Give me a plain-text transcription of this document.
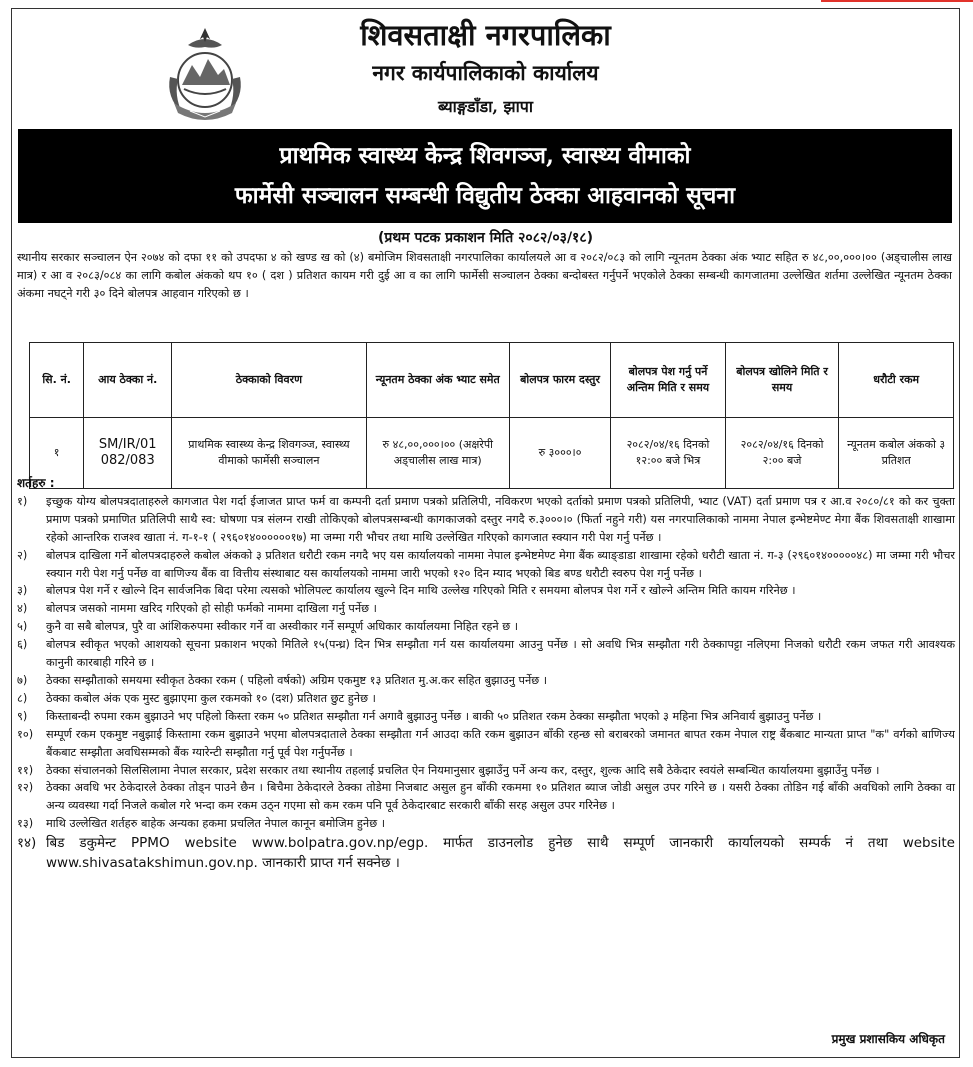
शिवसताक्षी नगरपालिका
नगर कार्यपालिकाको कार्यालय
ब्याङ्गडाँडा, झापा
प्राथमिक स्वास्थ्य केन्द्र शिवगञ्ज, स्वास्थ्य वीमाको
फार्मेसी सञ्चालन सम्बन्धी विद्युतीय ठेक्का आहवानको सूचना
(प्रथम पटक प्रकाशन मिति २०८२/०३/१८)
स्थानीय सरकार सञ्चालन ऐन २०७४ को दफा ११ को उपदफा ४ को खण्ड ख को (४) बमोजिम शिवसताक्षी नगरपालिका कार्यालयले आ व २०८२/०८३ को लागि न्यूनतम ठेक्का अंक भ्याट सहित रु ४८,००,०००।०० (अड्चालीस लाख मात्र) र आ व २०८३/०८४ का लागि कबोल अंकको थप १० ( दश ) प्रतिशत कायम गरी दुई आ व का लागि फार्मेसी सञ्चालन ठेक्का बन्दोबस्त गर्नुपर्ने भएकोले ठेक्का सम्बन्धी कागजातमा उल्लेखित शर्तमा उल्लेखित न्यूनतम ठेक्का अंकमा नघट्ने गरी ३० दिने बोलपत्र आहवान गरिएको छ ।
सि. नं.	आय ठेक्का नं.	ठेक्काको विवरण	न्यूनतम ठेक्का अंक भ्याट समेत	बोलपत्र फारम दस्तुर	बोलपत्र पेश गर्नु पर्ने अन्तिम मिति र समय	बोलपत्र खोलिने मिति र समय	धरौटी रकम
१	SM/IR/01 082/083	प्राथमिक स्वास्थ्य केन्द्र शिवगञ्ज, स्वास्थ्य वीमाको फार्मेसी सञ्चालन	रु ४८,००,०००।०० (अक्षरेपी अड्चालीस लाख मात्र)	रु ३०००।०	२०८२/०४/१६ दिनको १२:०० बजे भित्र	२०८२/०४/१६ दिनको २:०० बजे	न्यूनतम कबोल अंकको ३ प्रतिशत
शर्तहरु :
१) इच्छुक योग्य बोलपत्रदाताहरुले कागजात पेश गर्दा ईजाजत प्राप्त फर्म वा कम्पनी दर्ता प्रमाण पत्रको प्रतिलिपी, नविकरण भएको दर्ताको प्रमाण पत्रको प्रतिलिपी, भ्याट (VAT) दर्ता प्रमाण पत्र र आ.व २०८०/८१ को कर चुक्ता प्रमाण पत्रको प्रमाणित प्रतिलिपी साथै स्व: घोषणा पत्र संलग्न राखी तोकिएको बोलपत्रसम्बन्धी कागकाजको दस्तुर नगदै रु.३०००।० (फिर्ता नहुने गरी) यस नगरपालिकाको नाममा नेपाल इन्भेष्टमेण्ट मेगा बैंक शिवसताक्षी शाखामा रहेको आन्तरिक राजश्व खाता नं. ग-१-१ ( २९६०१४००००००१७) मा जम्मा गरी भौचर तथा माथि उल्लेखित गरिएको कागजात स्क्यान गरी पेश गर्नु पर्नेछ ।
२) बोलपत्र दाखिला गर्ने बोलपत्रदाहरुले कबोल अंकको ३ प्रतिशत धरौटी रकम नगदै भए यस कार्यालयको नाममा नेपाल इन्भेष्टमेण्ट मेगा बैंक ब्याङ्डाडा शाखामा रहेको धरौटी खाता नं. ग-३ (२९६०१४०००००४८) मा जम्मा गरी भौचर स्क्यान गरी पेश गर्नु पर्नेछ वा बाणिज्य बैंक वा वित्तीय संस्थाबाट यस कार्यालयको नाममा जारी भएको १२० दिन म्याद भएको बिड बण्ड धरौटी स्वरुप पेश गर्नु पर्नेछ ।
३) बोलपत्र पेश गर्ने र खोल्ने दिन सार्वजनिक बिदा परेमा त्यसको भोलिपल्ट कार्यालय खुल्ने दिन माथि उल्लेख गरिएको मिति र समयमा बोलपत्र पेश गर्ने र खोल्ने अन्तिम मिति कायम गरिनेछ ।
४) बोलपत्र जसको नाममा खरिद गरिएको हो सोही फर्मको नाममा दाखिला गर्नु पर्नेछ ।
५) कुनै वा सबै बोलपत्र, पुरै वा आंशिकरुपमा स्वीकार गर्ने वा अस्वीकार गर्ने सम्पूर्ण अधिकार कार्यालयमा निहित रहने छ ।
६) बोलपत्र स्वीकृत भएको आशयको सूचना प्रकाशन भएको मितिले १५(पन्ध्र) दिन भित्र सम्झौता गर्न यस कार्यालयमा आउनु पर्नेछ । सो अवधि भित्र सम्झौता गरी ठेक्कापट्टा नलिएमा निजको धरौटी रकम जफत गरी आवश्यक कानुनी कारबाही गरिने छ ।
७) ठेक्का सम्झौताको समयमा स्वीकृत ठेक्का रकम ( पहिलो वर्षको) अग्रिम एकमुष्ट १३ प्रतिशत मु.अ.कर सहित बुझाउनु पर्नेछ ।
८) ठेक्का कबोल अंक एक मुस्ट बुझाएमा कुल रकमको १० (दश) प्रतिशत छुट हुनेछ ।
९) किस्ताबन्दी रुपमा रकम बुझाउने भए पहिलो किस्ता रकम ५० प्रतिशत सम्झौता गर्न अगावै बुझाउनु पर्नेछ । बाकी ५० प्रतिशत रकम ठेक्का सम्झौता भएको ३ महिना भित्र अनिवार्य बुझाउनु पर्नेछ ।
१०) सम्पूर्ण रकम एकमुष्ट नबुझाई किस्तामा रकम बुझाउने भएमा बोलपत्रदाताले ठेक्का सम्झौता गर्न आउदा कति रकम बुझाउन बाँकी रहन्छ सो बराबरको जमानत बापत रकम नेपाल राष्ट्र बैंकबाट मान्यता प्राप्त "क" वर्गको बाणिज्य बैंकबाट सम्झौता अवधिसम्मको बैंक ग्यारेन्टी सम्झौता गर्नु पूर्व पेश गर्नुपर्नेछ ।
११) ठेक्का संचालनको सिलसिलामा नेपाल सरकार, प्रदेश सरकार तथा स्थानीय तहलाई प्रचलित ऐन नियमानुसार बुझाउँनु पर्ने अन्य कर, दस्तुर, शुल्क आदि सबै ठेकेदार स्वयंले सम्बन्धित कार्यालयमा बुझाउँनु पर्नेछ ।
१२) ठेक्का अवधि भर ठेकेदारले ठेक्का तोड्न पाउने छैन । बिचैमा ठेकेदारले ठेक्का तोडेमा निजबाट असुल हुन बाँकी रकममा १० प्रतिशत ब्याज जोडी असुल उपर गरिने छ । यसरी ठेक्का तोडिन गई बाँकी अवधिको लागि ठेक्का वा अन्य व्यवस्था गर्दा निजले कबोल गरे भन्दा कम रकम उठ्न गएमा सो कम रकम पनि पूर्व ठेकेदारबाट सरकारी बाँकी सरह असुल उपर गरिनेछ ।
१३) माथि उल्लेखित शर्तहरु बाहेक अन्यका हकमा प्रचलित नेपाल कानून बमोजिम हुनेछ ।
१४) बिड डकुमेन्ट PPMO website www.bolpatra.gov.np/egp. मार्फत डाउनलोड हुनेछ साथै सम्पूर्ण जानकारी कार्यालयको सम्पर्क नं तथा website www.shivasatakshimun.gov.np. जानकारी प्राप्त गर्न सक्नेछ ।
प्रमुख प्रशासकिय अधिकृत
